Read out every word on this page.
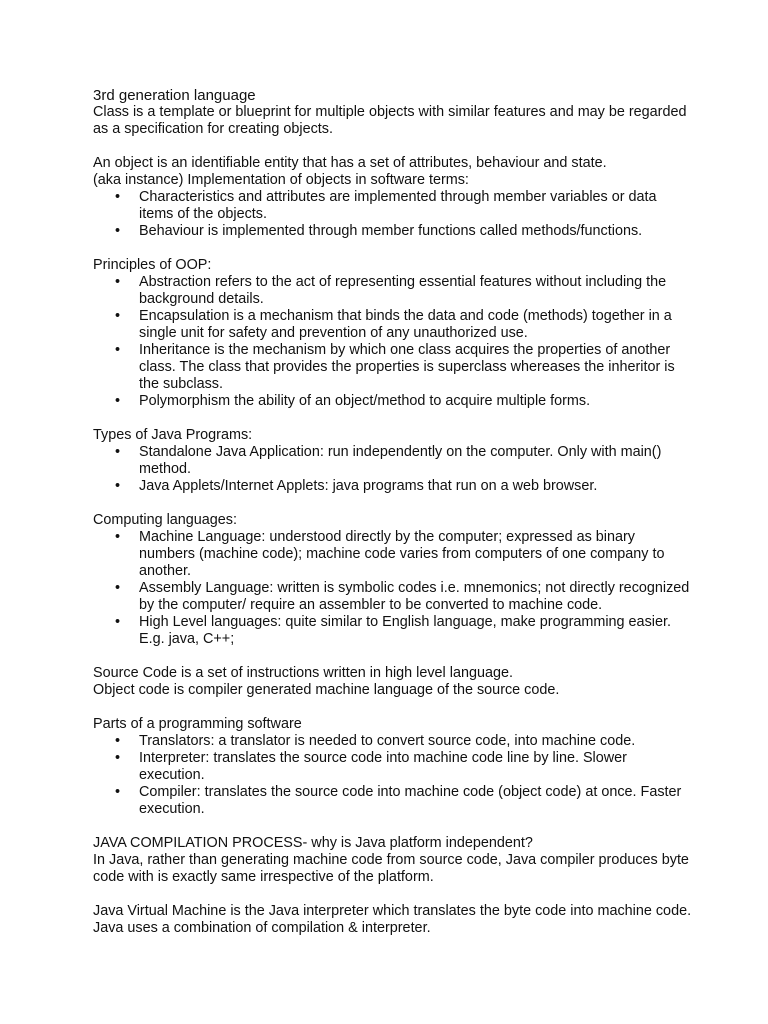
3rd generation language

Class is a template or blueprint for multiple objects with similar features and may be regarded as a specification for creating objects.

An object is an identifiable entity that has a set of attributes, behaviour and state.

(aka instance) Implementation of objects in software terms:

• Characteristics and attributes are implemented through member variables or data items of the objects.
• Behaviour is implemented through member functions called methods/functions.

Principles of OOP:

• Abstraction refers to the act of representing essential features without including the background details.
• Encapsulation is a mechanism that binds the data and code (methods) together in a single unit for safety and prevention of any unauthorized use.
• Inheritance is the mechanism by which one class acquires the properties of another class. The class that provides the properties is superclass whereases the inheritor is the subclass.
• Polymorphism the ability of an object/method to acquire multiple forms.

Types of Java Programs:

• Standalone Java Application: run independently on the computer. Only with main() method.
• Java Applets/Internet Applets: java programs that run on a web browser.

Computing languages:

• Machine Language: understood directly by the computer; expressed as binary numbers (machine code); machine code varies from computers of one company to another.
• Assembly Language: written is symbolic codes i.e. mnemonics; not directly recognized by the computer/ require an assembler to be converted to machine code.
• High Level languages: quite similar to English language, make programming easier. E.g. java, C++;

Source Code is a set of instructions written in high level language.

Object code is compiler generated machine language of the source code.

Parts of a programming software

• Translators: a translator is needed to convert source code, into machine code.
• Interpreter: translates the source code into machine code line by line. Slower execution.
• Compiler: translates the source code into machine code (object code) at once. Faster execution.

JAVA COMPILATION PROCESS- why is Java platform independent?

In Java, rather than generating machine code from source code, Java compiler produces byte code with is exactly same irrespective of the platform.

Java Virtual Machine is the Java interpreter which translates the byte code into machine code. Java uses a combination of compilation & interpreter.
